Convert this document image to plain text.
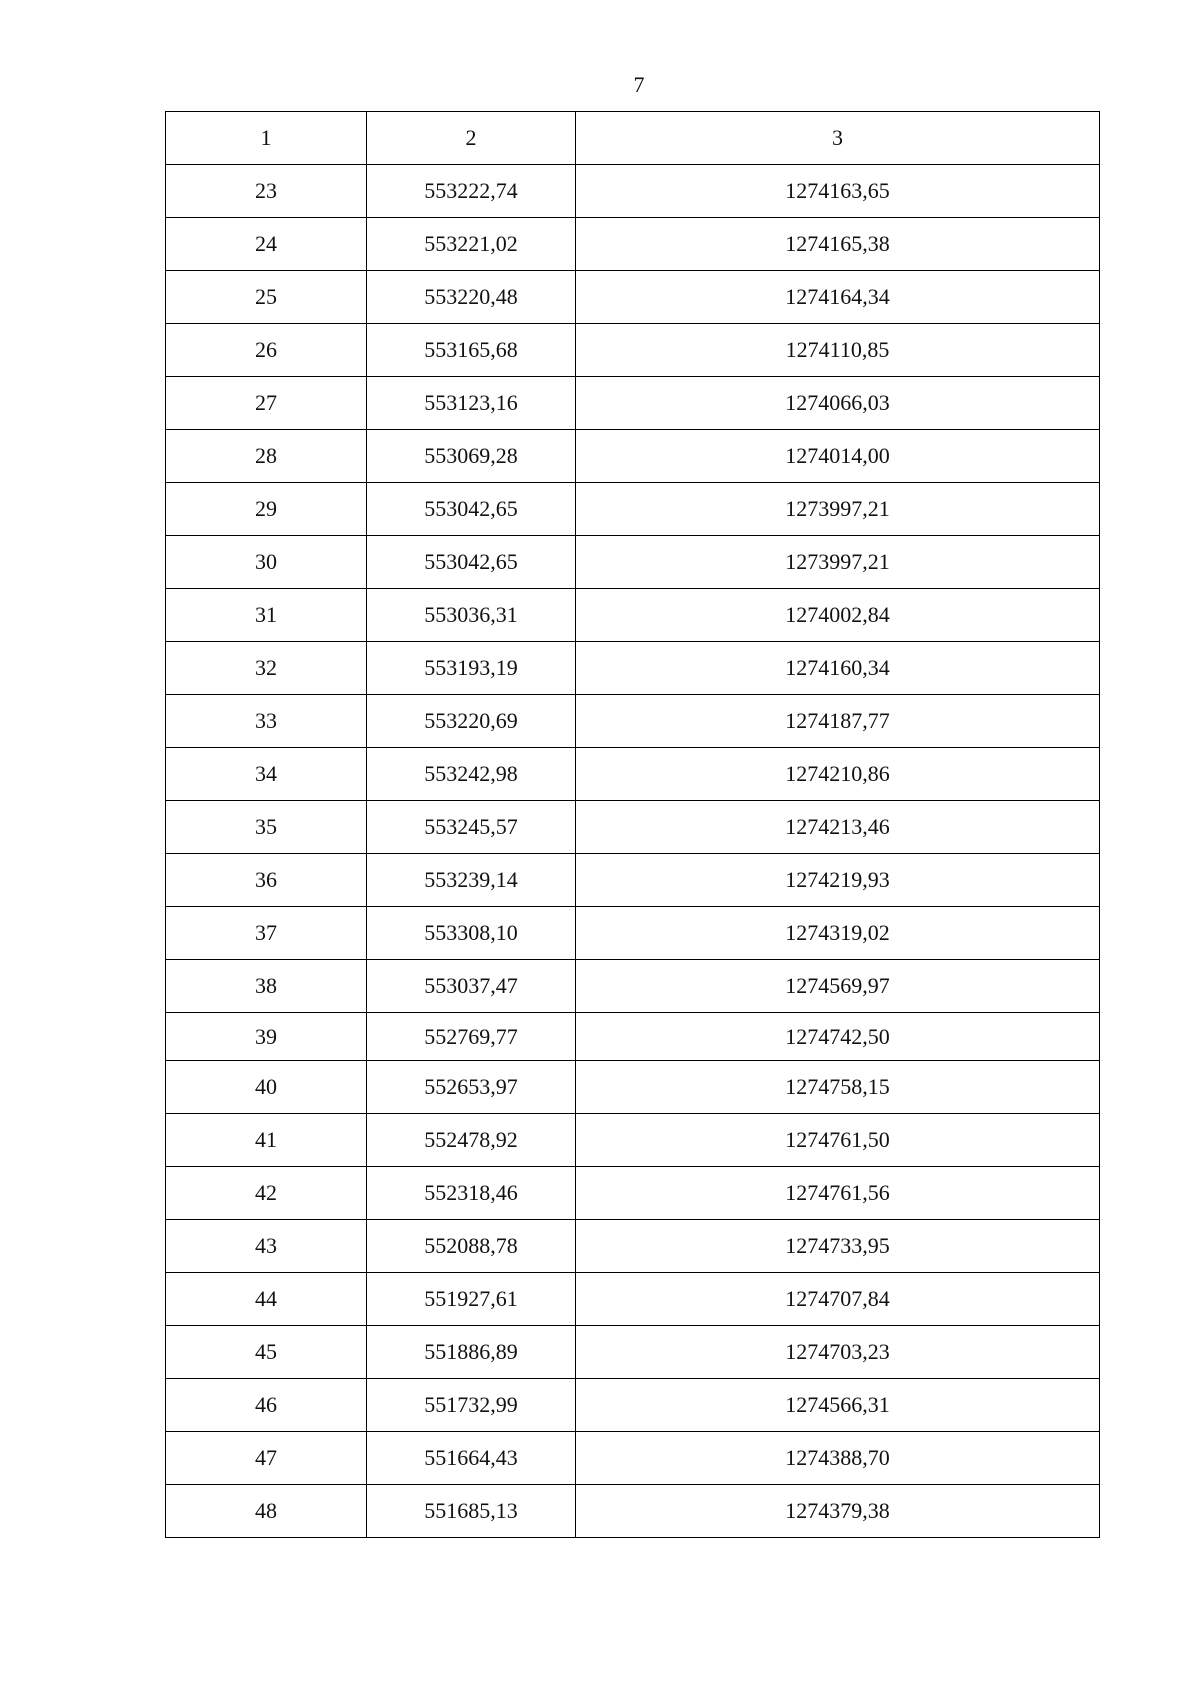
7
1	2	3
23	553222,74	1274163,65
24	553221,02	1274165,38
25	553220,48	1274164,34
26	553165,68	1274110,85
27	553123,16	1274066,03
28	553069,28	1274014,00
29	553042,65	1273997,21
30	553042,65	1273997,21
31	553036,31	1274002,84
32	553193,19	1274160,34
33	553220,69	1274187,77
34	553242,98	1274210,86
35	553245,57	1274213,46
36	553239,14	1274219,93
37	553308,10	1274319,02
38	553037,47	1274569,97
39	552769,77	1274742,50
40	552653,97	1274758,15
41	552478,92	1274761,50
42	552318,46	1274761,56
43	552088,78	1274733,95
44	551927,61	1274707,84
45	551886,89	1274703,23
46	551732,99	1274566,31
47	551664,43	1274388,70
48	551685,13	1274379,38
